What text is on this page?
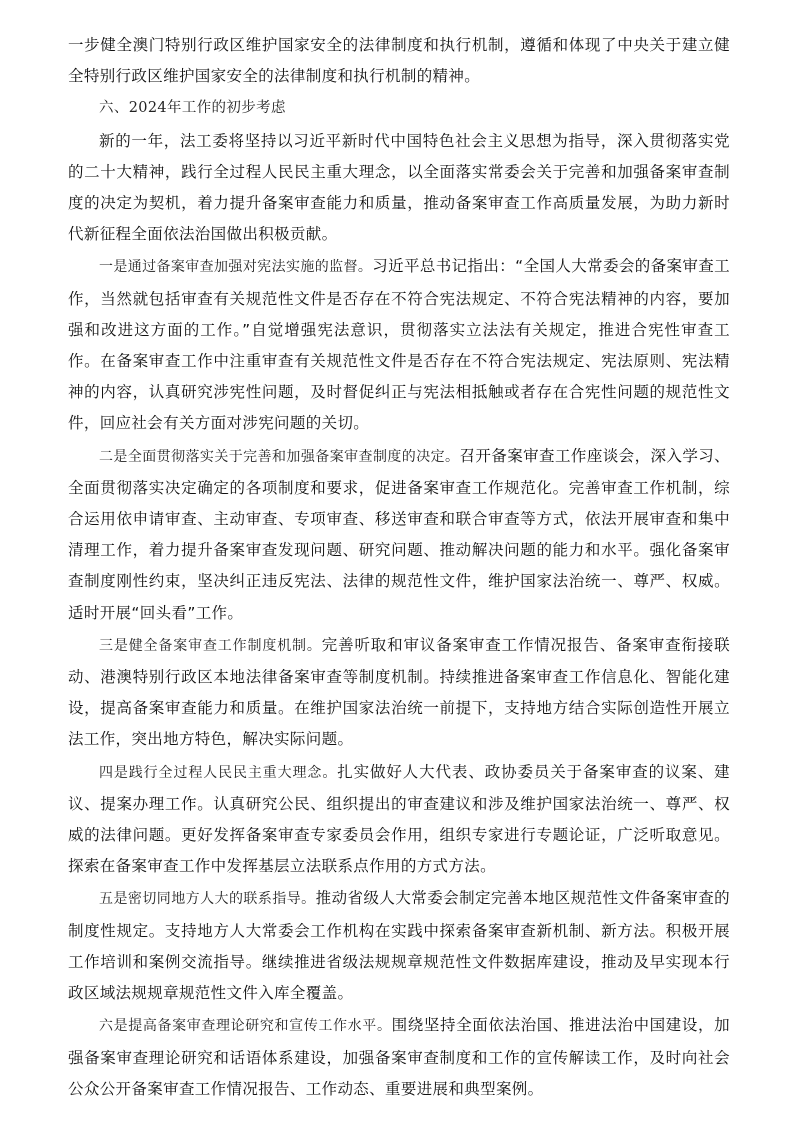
一步健全澳门特别行政区维护国家安全的法律制度和执行机制，遵循和体现了中央关于建立健全特别行政区维护国家安全的法律制度和执行机制的精神。

六、2024年工作的初步考虑

新的一年，法工委将坚持以习近平新时代中国特色社会主义思想为指导，深入贯彻落实党的二十大精神，践行全过程人民民主重大理念，以全面落实常委会关于完善和加强备案审查制度的决定为契机，着力提升备案审查能力和质量，推动备案审查工作高质量发展，为助力新时代新征程全面依法治国做出积极贡献。

一是通过备案审查加强对宪法实施的监督。习近平总书记指出：“全国人大常委会的备案审查工作，当然就包括审查有关规范性文件是否存在不符合宪法规定、不符合宪法精神的内容，要加强和改进这方面的工作。”自觉增强宪法意识，贯彻落实立法法有关规定，推进合宪性审查工作。在备案审查工作中注重审查有关规范性文件是否存在不符合宪法规定、宪法原则、宪法精神的内容，认真研究涉宪性问题，及时督促纠正与宪法相抵触或者存在合宪性问题的规范性文件，回应社会有关方面对涉宪问题的关切。

二是全面贯彻落实关于完善和加强备案审查制度的决定。召开备案审查工作座谈会，深入学习、全面贯彻落实决定确定的各项制度和要求，促进备案审查工作规范化。完善审查工作机制，综合运用依申请审查、主动审查、专项审查、移送审查和联合审查等方式，依法开展审查和集中清理工作，着力提升备案审查发现问题、研究问题、推动解决问题的能力和水平。强化备案审查制度刚性约束，坚决纠正违反宪法、法律的规范性文件，维护国家法治统一、尊严、权威。适时开展“回头看”工作。

三是健全备案审查工作制度机制。完善听取和审议备案审查工作情况报告、备案审查衔接联动、港澳特别行政区本地法律备案审查等制度机制。持续推进备案审查工作信息化、智能化建设，提高备案审查能力和质量。在维护国家法治统一前提下，支持地方结合实际创造性开展立法工作，突出地方特色，解决实际问题。

四是践行全过程人民民主重大理念。扎实做好人大代表、政协委员关于备案审查的议案、建议、提案办理工作。认真研究公民、组织提出的审查建议和涉及维护国家法治统一、尊严、权威的法律问题。更好发挥备案审查专家委员会作用，组织专家进行专题论证，广泛听取意见。探索在备案审查工作中发挥基层立法联系点作用的方式方法。

五是密切同地方人大的联系指导。推动省级人大常委会制定完善本地区规范性文件备案审查的制度性规定。支持地方人大常委会工作机构在实践中探索备案审查新机制、新方法。积极开展工作培训和案例交流指导。继续推进省级法规规章规范性文件数据库建设，推动及早实现本行政区域法规规章规范性文件入库全覆盖。

六是提高备案审查理论研究和宣传工作水平。围绕坚持全面依法治国、推进法治中国建设，加强备案审查理论研究和话语体系建设，加强备案审查制度和工作的宣传解读工作，及时向社会公众公开备案审查工作情况报告、工作动态、重要进展和典型案例。
